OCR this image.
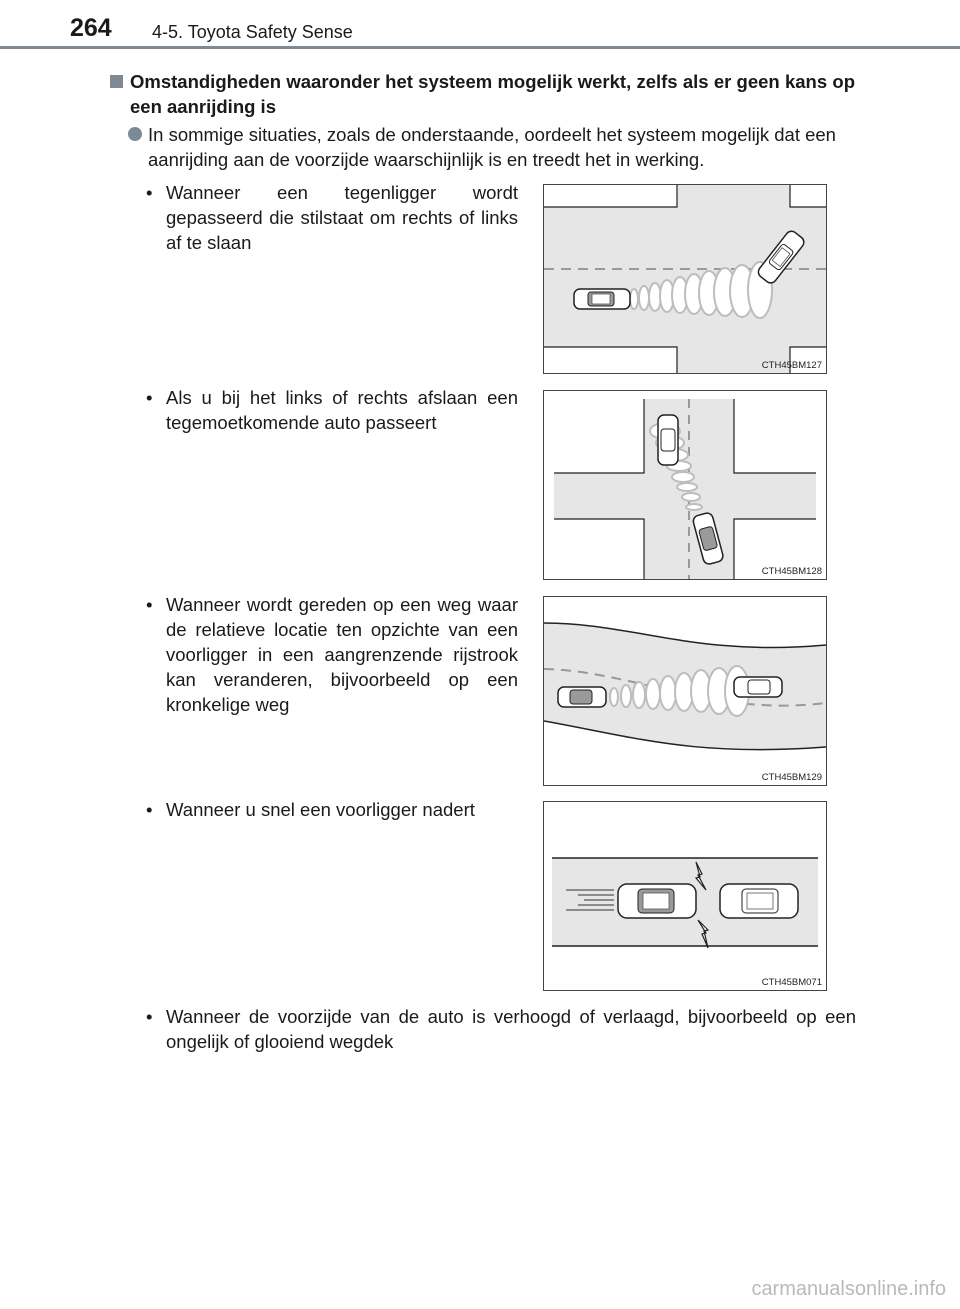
264 4-5. Toyota Safety Sense
Omstandigheden waaronder het systeem mogelijk werkt, zelfs als er geen kans op een aanrijding is
In sommige situaties, zoals de onderstaande, oordeelt het systeem mogelijk dat een aanrijding aan de voorzijde waarschijnlijk is en treedt het in werking.
• Wanneer een tegenligger wordt gepasseerd die stilstaat om rechts of links af te slaan
CTH45BM127
• Als u bij het links of rechts afslaan een tegemoetkomende auto passeert
CTH45BM128
• Wanneer wordt gereden op een weg waar de relatieve locatie ten opzichte van een voorligger in een aangrenzende rijstrook kan veranderen, bijvoorbeeld op een kronkelige weg
CTH45BM129
• Wanneer u snel een voorligger nadert
CTH45BM071
• Wanneer de voorzijde van de auto is verhoogd of verlaagd, bijvoorbeeld op een ongelijk of glooiend wegdek
carmanualsonline.info
